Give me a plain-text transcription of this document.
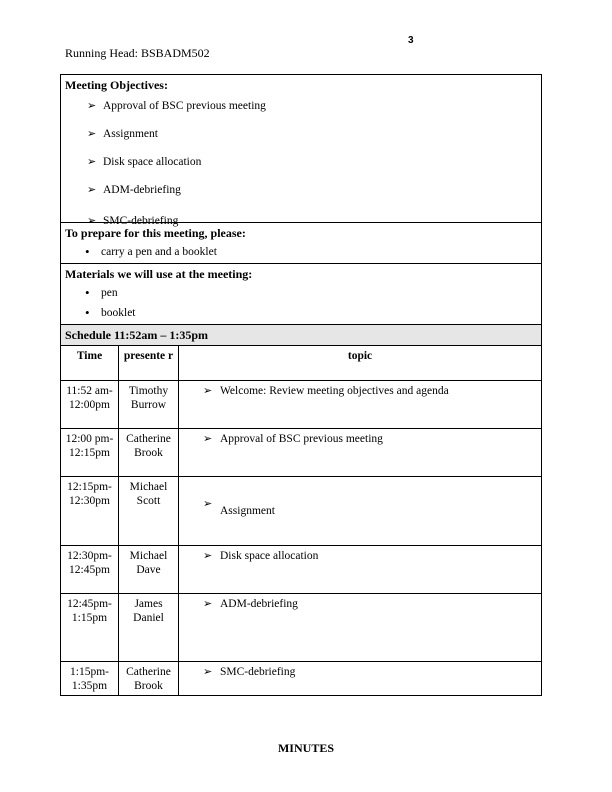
3
Running Head: BSBADM502
Meeting Objectives:
➢ Approval of BSC previous meeting
➢ Assignment
➢ Disk space allocation
➢ ADM-debriefing
➢ SMC-debriefing
To prepare for this meeting, please:
• carry a pen and a booklet
Materials we will use at the meeting:
• pen
• booklet
Schedule 11:52am – 1:35pm
Time	presente r	topic
11:52 am-12:00pm	Timothy Burrow	➢ Welcome: Review meeting objectives and agenda
12:00 pm-12:15pm	Catherine Brook	➢ Approval of BSC previous meeting
12:15pm-12:30pm	Michael Scott	➢
Assignment
12:30pm-12:45pm	Michael Dave	➢ Disk space allocation
12:45pm-1:15pm	James Daniel	➢ ADM-debriefing
1:15pm-1:35pm	Catherine Brook	➢ SMC-debriefing
MINUTES
